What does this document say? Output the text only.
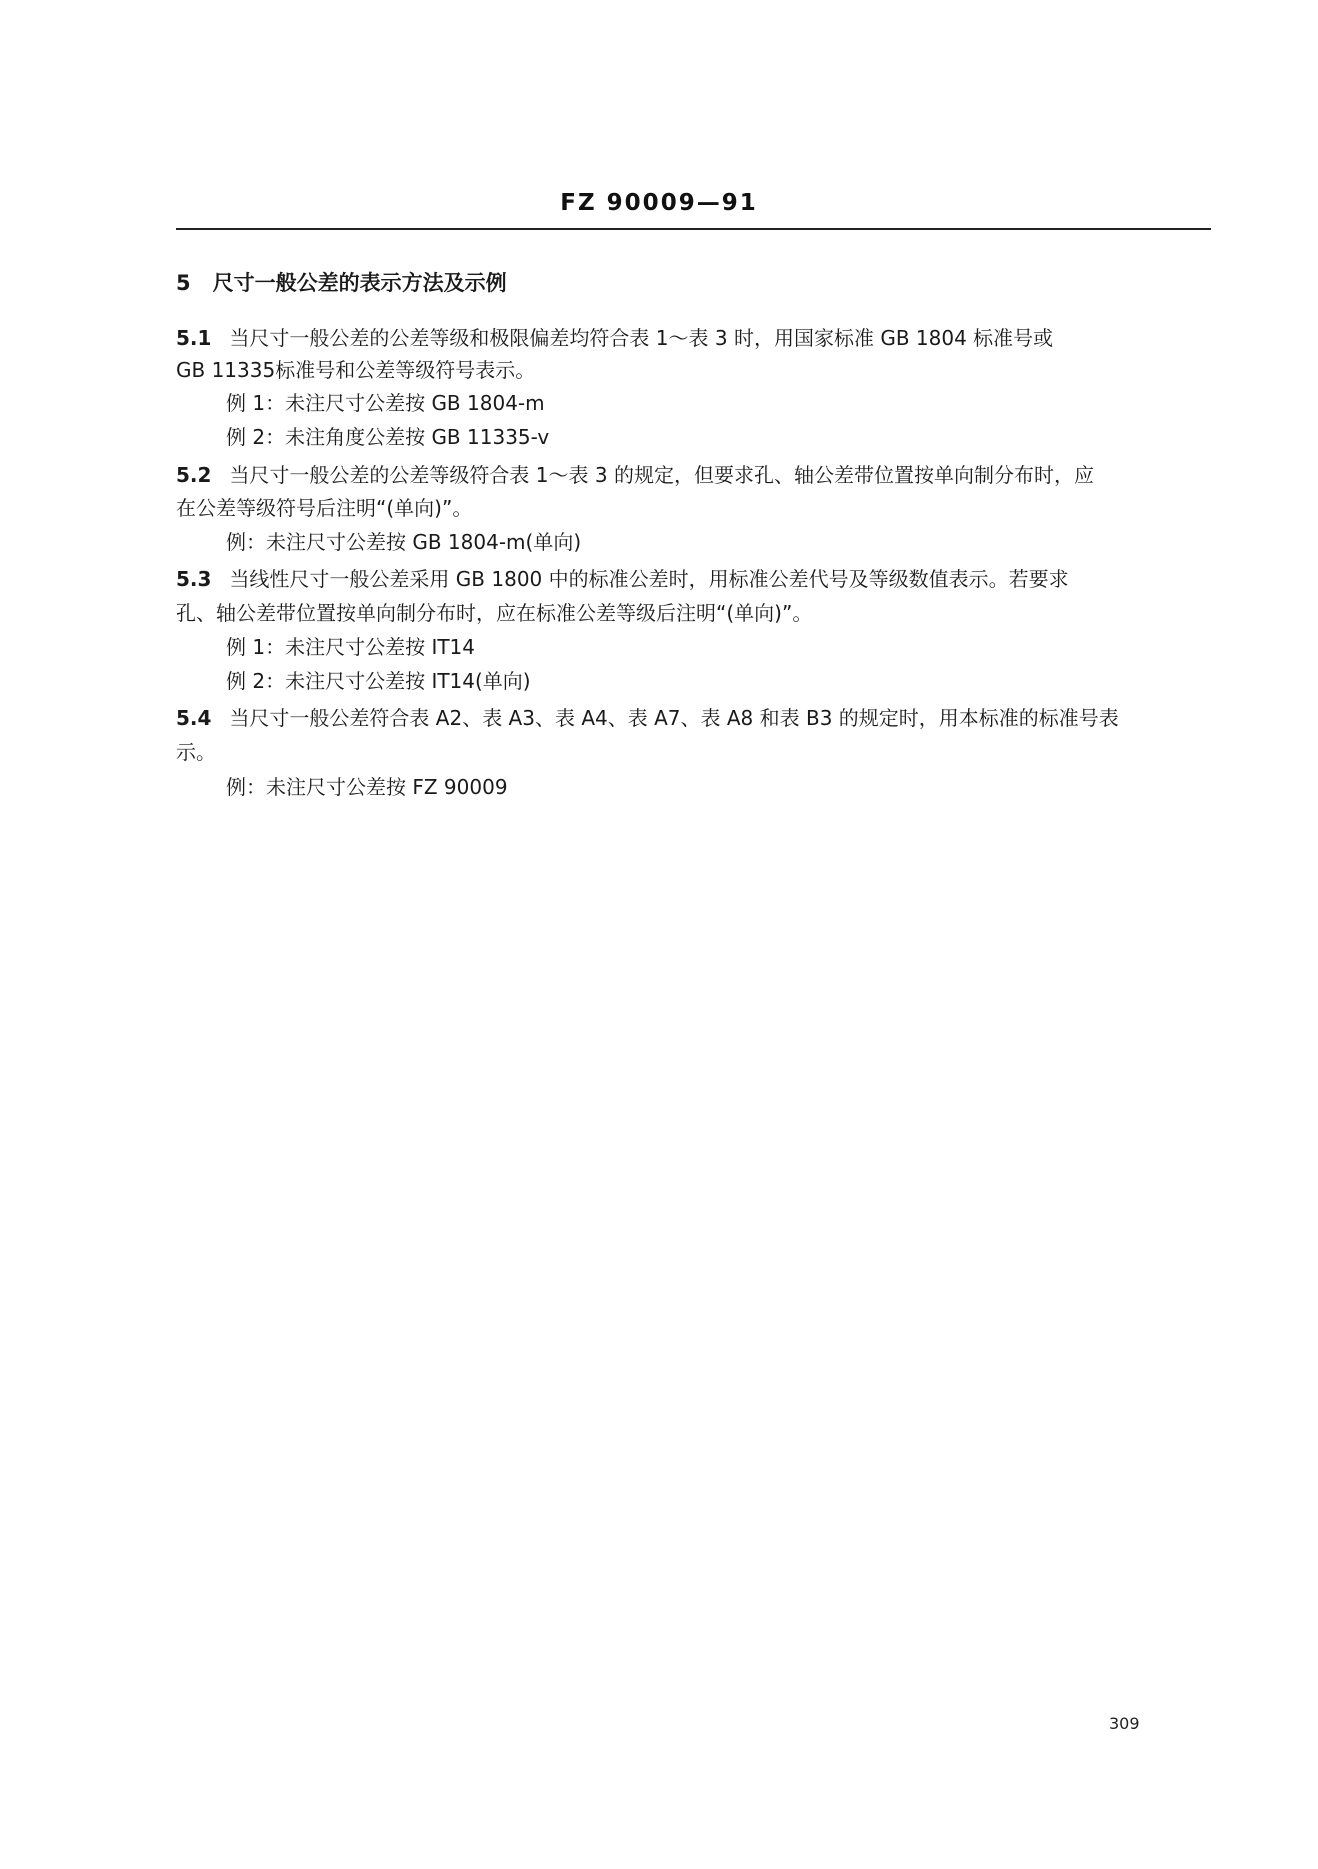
FZ 90009—91
5 尺寸一般公差的表示方法及示例
5.1 当尺寸一般公差的公差等级和极限偏差均符合表 1～表 3 时，用国家标准 GB 1804 标准号或
GB 11335标准号和公差等级符号表示。
例 1：未注尺寸公差按 GB 1804-m
例 2：未注角度公差按 GB 11335-v
5.2 当尺寸一般公差的公差等级符合表 1～表 3 的规定，但要求孔、轴公差带位置按单向制分布时，应
在公差等级符号后注明“(单向)”。
例：未注尺寸公差按 GB 1804-m(单向)
5.3 当线性尺寸一般公差采用 GB 1800 中的标准公差时，用标准公差代号及等级数值表示。若要求
孔、轴公差带位置按单向制分布时，应在标准公差等级后注明“(单向)”。
例 1：未注尺寸公差按 IT14
例 2：未注尺寸公差按 IT14(单向)
5.4 当尺寸一般公差符合表 A2、表 A3、表 A4、表 A7、表 A8 和表 B3 的规定时，用本标准的标准号表
示。
例：未注尺寸公差按 FZ 90009
309
